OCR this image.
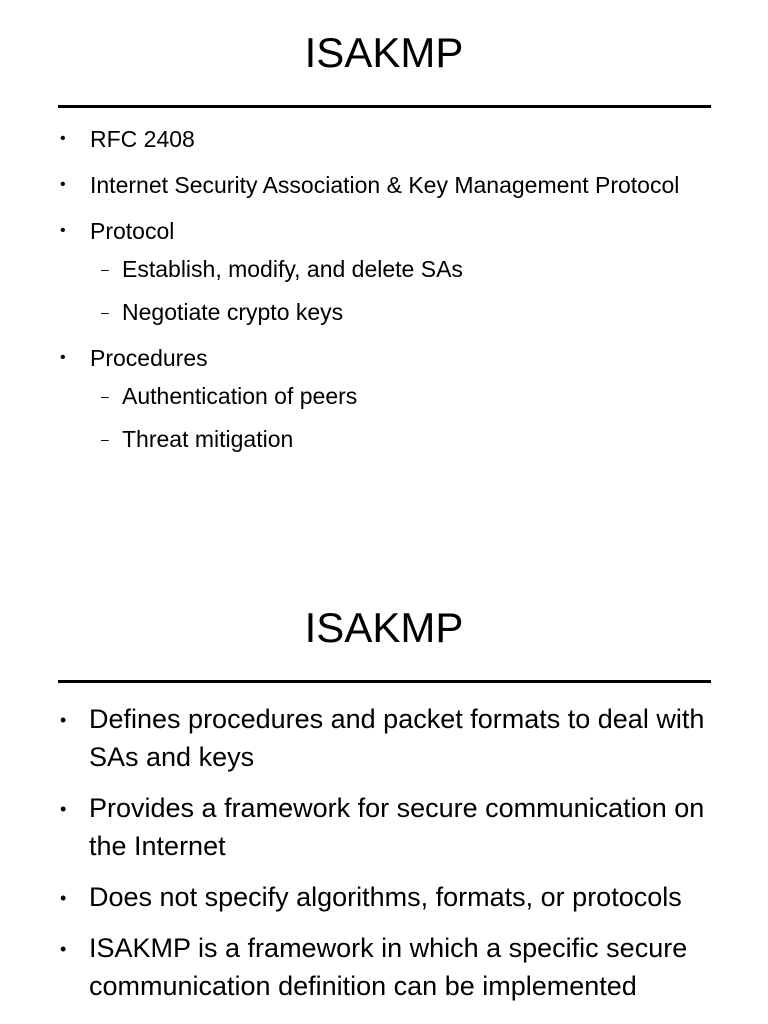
ISAKMP
• RFC 2408
• Internet Security Association & Key Management Protocol
• Protocol
– Establish, modify, and delete SAs
– Negotiate crypto keys
• Procedures
– Authentication of peers
– Threat mitigation
ISAKMP
• Defines procedures and packet formats to deal with SAs and keys
• Provides a framework for secure communication on the Internet
• Does not specify algorithms, formats, or protocols
• ISAKMP is a framework in which a specific secure communication definition can be implemented
